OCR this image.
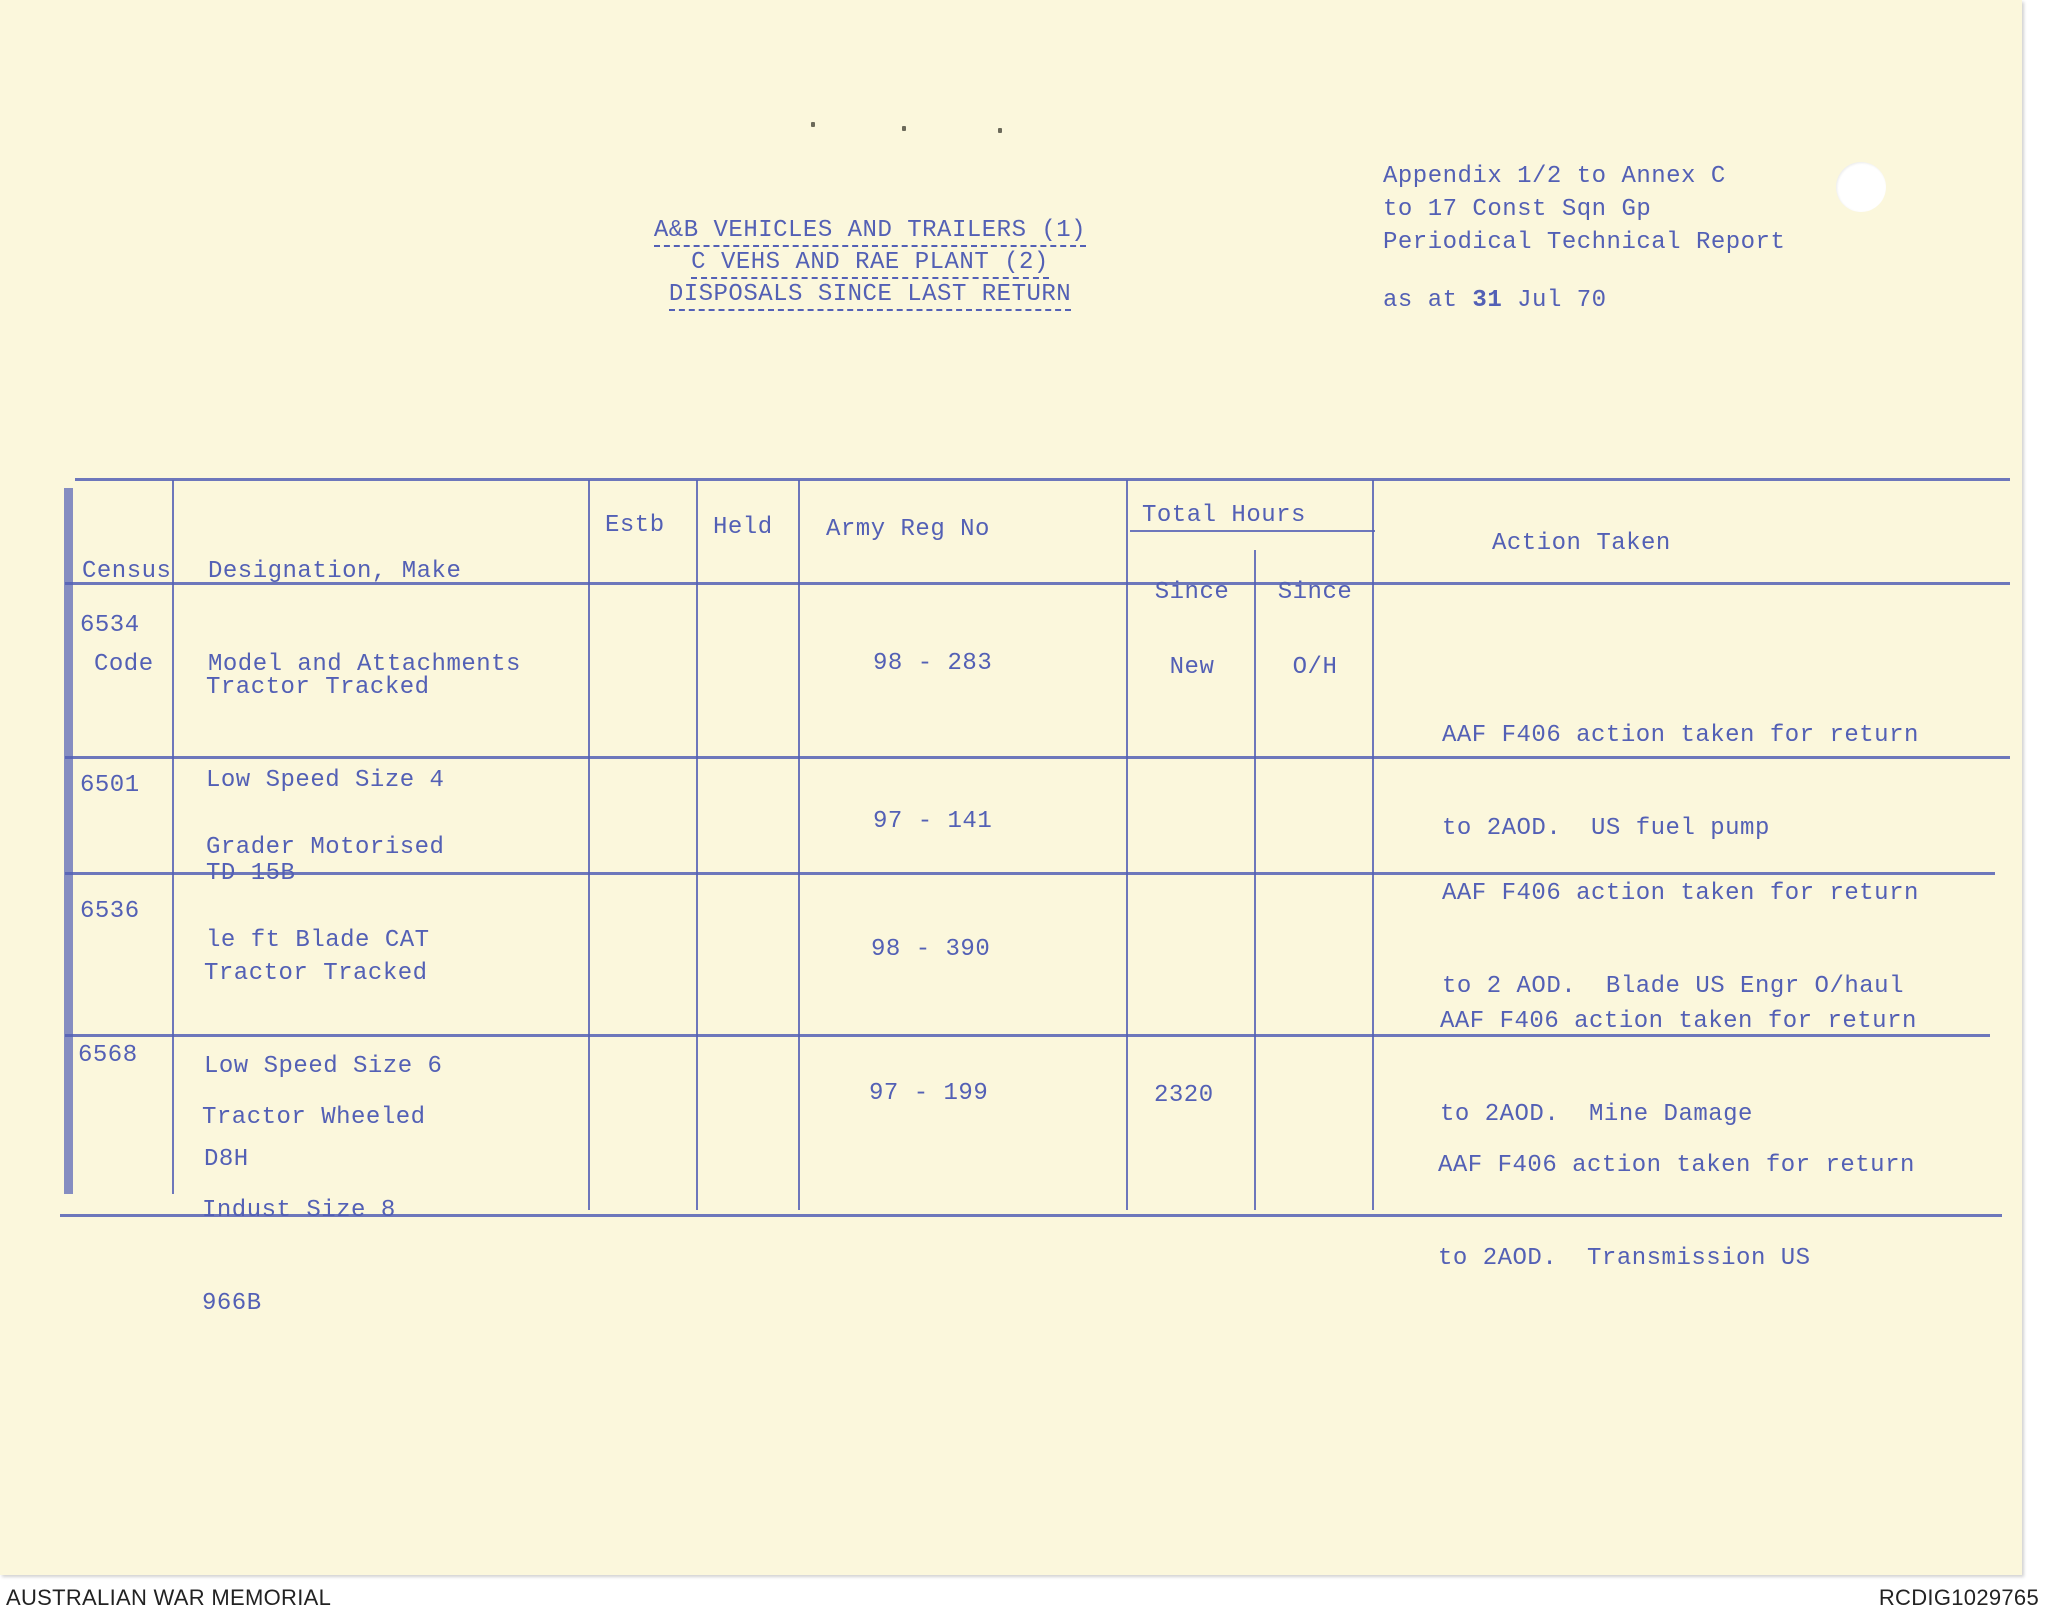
A&B VEHICLES AND TRAILERS (1)
C VEHS AND RAE PLANT (2)
DISPOSALS SINCE LAST RETURN
Appendix 1/2 to Annex C
to 17 Const Sqn Gp
Periodical Technical Report
as at 31 Jul 70

Census

Code

Designation, Make

Model and Attachments

Estb Held Army Reg No
Total Hours

Since

New

Since

O/H

Action Taken
6534

Tractor Tracked

Low Speed Size 4

TD 15B

98 - 283

AAF F406 action taken for return

to 2AOD.  US fuel pump

6501

Grader Motorised

le ft Blade CAT

97 - 141

AAF F406 action taken for return

to 2 AOD.  Blade US Engr O/haul

6536

Tractor Tracked

Low Speed Size 6

D8H

98 - 390

AAF F406 action taken for return

to 2AOD.  Mine Damage

6568

Tractor Wheeled

Indust Size 8

966B

97 - 199	2320

AAF F406 action taken for return

to 2AOD.  Transmission US

AUSTRALIAN WAR MEMORIAL	RCDIG1029765
